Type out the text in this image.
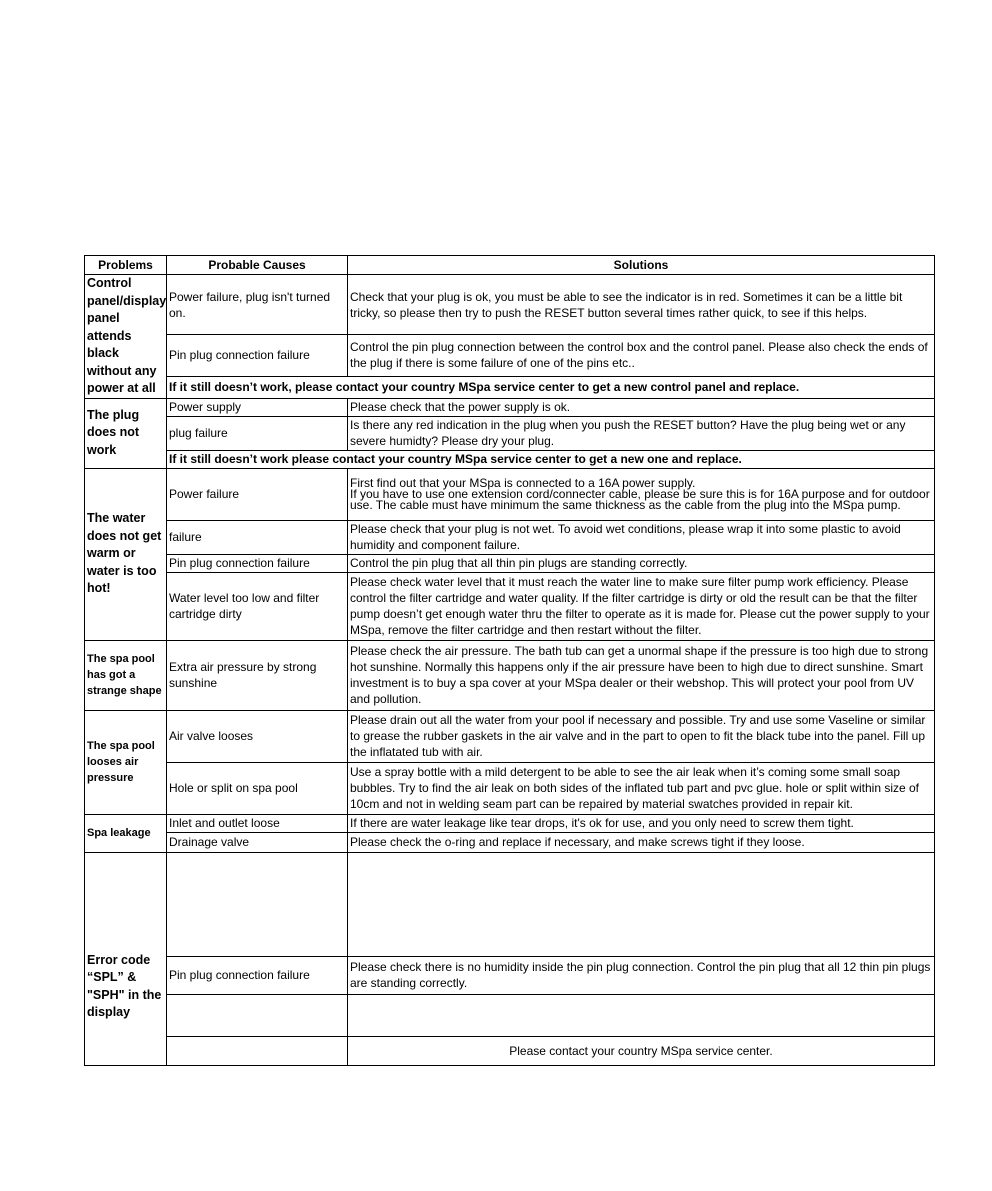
Problems	Probable Causes	Solutions
Control panel/display panel attends black without any power at all	Power failure, plug isn't turned on.	Check that your plug is ok, you must be able to see the indicator is in red. Sometimes it can be a little bit tricky, so please then try to push the RESET button several times rather quick, to see if this helps.
	Pin plug connection failure	Control the pin plug connection between the control box and the control panel. Please also check the ends of the plug if there is some failure of one of the pins etc..
	If it still doesn’t work, please contact your country MSpa service center to get a new control panel and replace.	
The plug does not work	Power supply	Please check that the power supply is ok.
	plug failure	Is there any red indication in the plug when you push the RESET button? Have the plug being wet or any severe humidty? Please dry your plug.
	If it still doesn’t work please contact your country MSpa service center to get a new one and replace.	
The water does not get warm or water is too hot!	Power failure	First find out that your MSpa is connected to a 16A power supply.
If you have to use one extension cord/connecter cable, please be sure this is for 16A purpose and for outdoor use. The cable must have minimum the same thickness as the cable from the plug into the MSpa pump.

	failure	Please check that your plug is not wet. To avoid wet conditions, please wrap it into some plastic to avoid humidity and component failure.
	Pin plug connection failure	Control the pin plug that all thin pin plugs are standing correctly.
	Water level too low and filter cartridge dirty	Please check water level that it must reach the water line to make sure filter pump work efficiency. Please control the filter cartridge and water quality. If the filter cartridge is dirty or old the result can be that the filter pump doesn’t get enough water thru the filter to operate as it is made for. Please cut the power supply to your MSpa, remove the filter cartridge and then restart without the filter.
The spa pool has got a strange shape	Extra air pressure by strong sunshine	Please check the air pressure. The bath tub can get a unormal shape if the pressure is too high due to strong hot sunshine. Normally this happens only if the air pressure have been to high due to direct sunshine. Smart investment is to buy a spa cover at your MSpa dealer or their webshop. This will protect your pool from UV and pollution.
The spa pool looses air pressure	Air valve looses	Please drain out all the water from your pool if necessary and possible. Try and use some Vaseline or similar to grease the rubber gaskets in the air valve and in the part to open to fit the black tube into the panel. Fill up the inflatated tub with air.
	Hole or split on spa pool	Use a spray bottle with a mild detergent to be able to see the air leak when it’s coming some small soap bubbles. Try to find the air leak on both sides of the inflated tub part and pvc glue. hole or split within size of 10cm and not in welding seam part can be repaired by material swatches provided in repair kit.
Spa leakage	Inlet and outlet loose	If there are water leakage like tear drops, it's ok for use, and you only need to screw them tight.
	Drainage valve	Please check the o-ring and replace if necessary, and make screws tight if they loose.
Error code “SPL” & "SPH" in the display		
	Pin plug connection failure	Please check there is no humidity inside the pin plug connection. Control the pin plug that all 12 thin pin plugs are standing correctly.

		Please contact your country MSpa service center.
